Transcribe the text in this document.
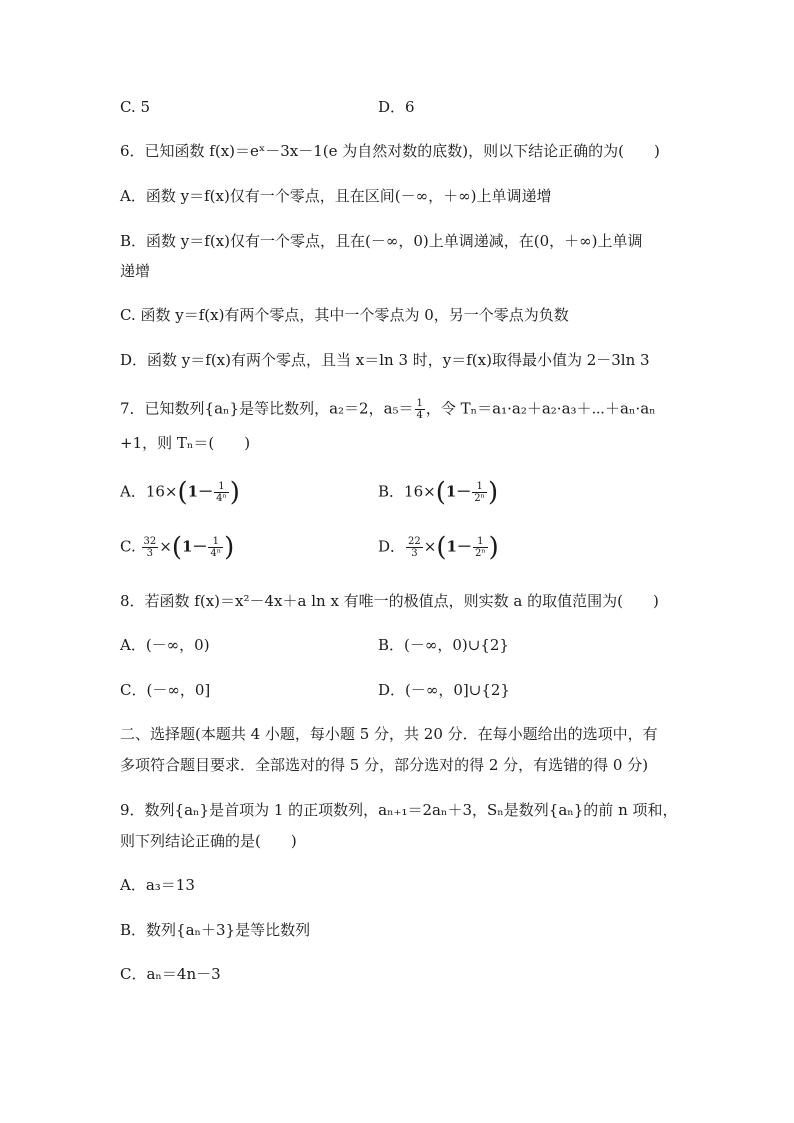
C. 5	D．6
6．已知函数 f(x)＝eˣ－3x－1(e 为自然对数的底数)，则以下结论正确的为(　　)
A．函数 y＝f(x)仅有一个零点，且在区间(－∞，＋∞)上单调递增
B．函数 y＝f(x)仅有一个零点，且在(－∞，0)上单调递减，在(0，＋∞)上单调
递增
C. 函数 y＝f(x)有两个零点，其中一个零点为 0，另一个零点为负数
D．函数 y＝f(x)有两个零点，且当 x＝ln 3 时，y＝f(x)取得最小值为 2－3ln 3
7．已知数列{aₙ}是等比数列，a₂＝2，$a_5= \frac{1}{4}$ ，令 Tₙ＝a₁·a₂＋a₂·a₃＋⋯＋aₙ·aₙ
+1，则 Tₙ＝(　　)
A．$16\times(1- \frac{1}{\text{4ⁿ}}$ )	B．$16\times(1- \frac{1}{\text{2ⁿ}}$ )
C. $\frac{32}{3} \times(1- \frac{1}{\text{4ⁿ}}$ )	D． $\frac{22}{3} \times(1- \frac{1}{\text{2ⁿ}}$ )
8．若函数 f(x)＝x²－4x＋a ln x 有唯一的极值点，则实数 a 的取值范围为(　　)
A．(－∞，0)	B．(－∞，0)∪{2}
C．(－∞，0]	D．(－∞，0]∪{2}
二、选择题(本题共 4 小题，每小题 5 分，共 20 分．在每小题给出的选项中，有
多项符合题目要求．全部选对的得 5 分，部分选对的得 2 分，有选错的得 0 分)
9．数列{aₙ}是首项为 1 的正项数列，aₙ₊₁＝2aₙ＋3，Sₙ是数列{aₙ}的前 n 项和，
则下列结论正确的是(　　)
A．a₃＝13
B．数列{aₙ＋3}是等比数列
C．aₙ＝4n－3
